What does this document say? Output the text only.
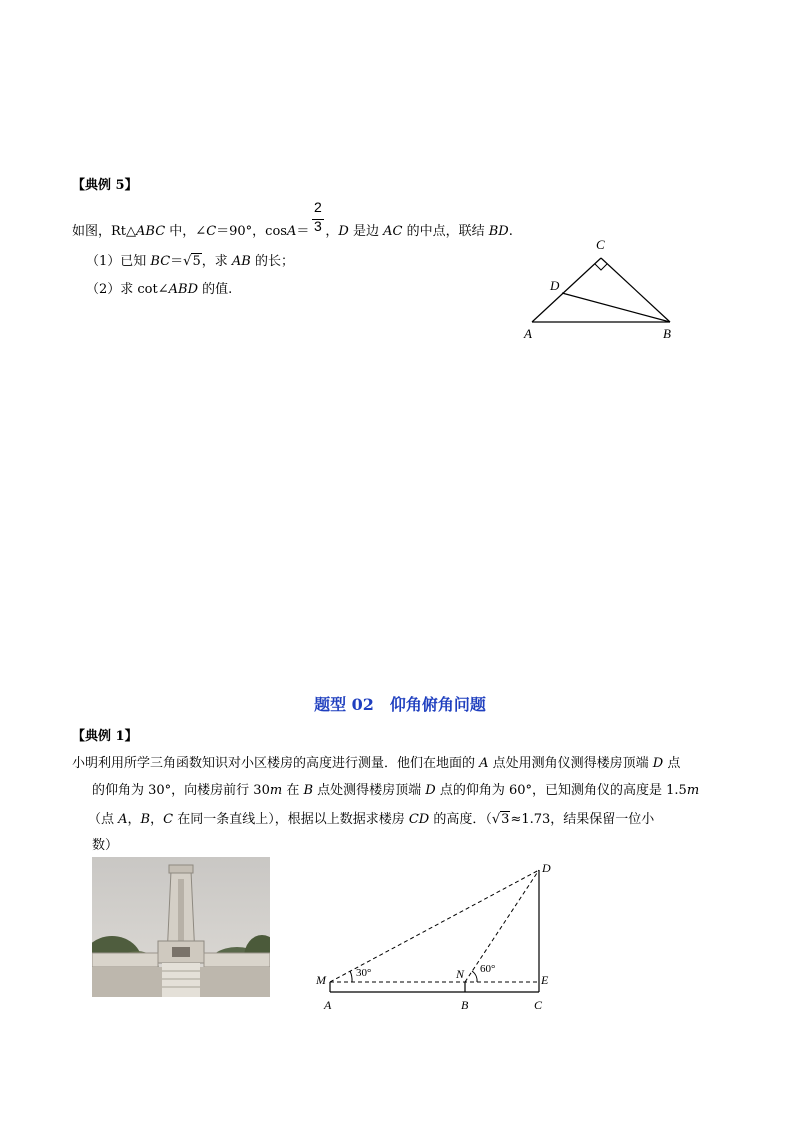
【典例 5】
如图，Rt△ABC 中，∠C＝90°，cosA＝ ，D 是边 AC 的中点，联结 BD.
2
3
（1）已知 BC＝√5，求 AB 的长；
（2）求 cot∠ABD 的值.
C
D
A	B
题型 02　仰角俯角问题
【典例 1】
小明利用所学三角函数知识对小区楼房的高度进行测量．他们在地面的 A 点处用测角仪测得楼房顶端 D 点
的仰角为 30°，向楼房前行 30m 在 B 点处测得楼房顶端 D 点的仰角为 60°，已知测角仪的高度是 1.5m
（点 A，B，C 在同一条直线上），根据以上数据求楼房 CD 的高度．（√3≈1.73，结果保留一位小
数）
D
M	N	E
A	B	C
30°	60°
